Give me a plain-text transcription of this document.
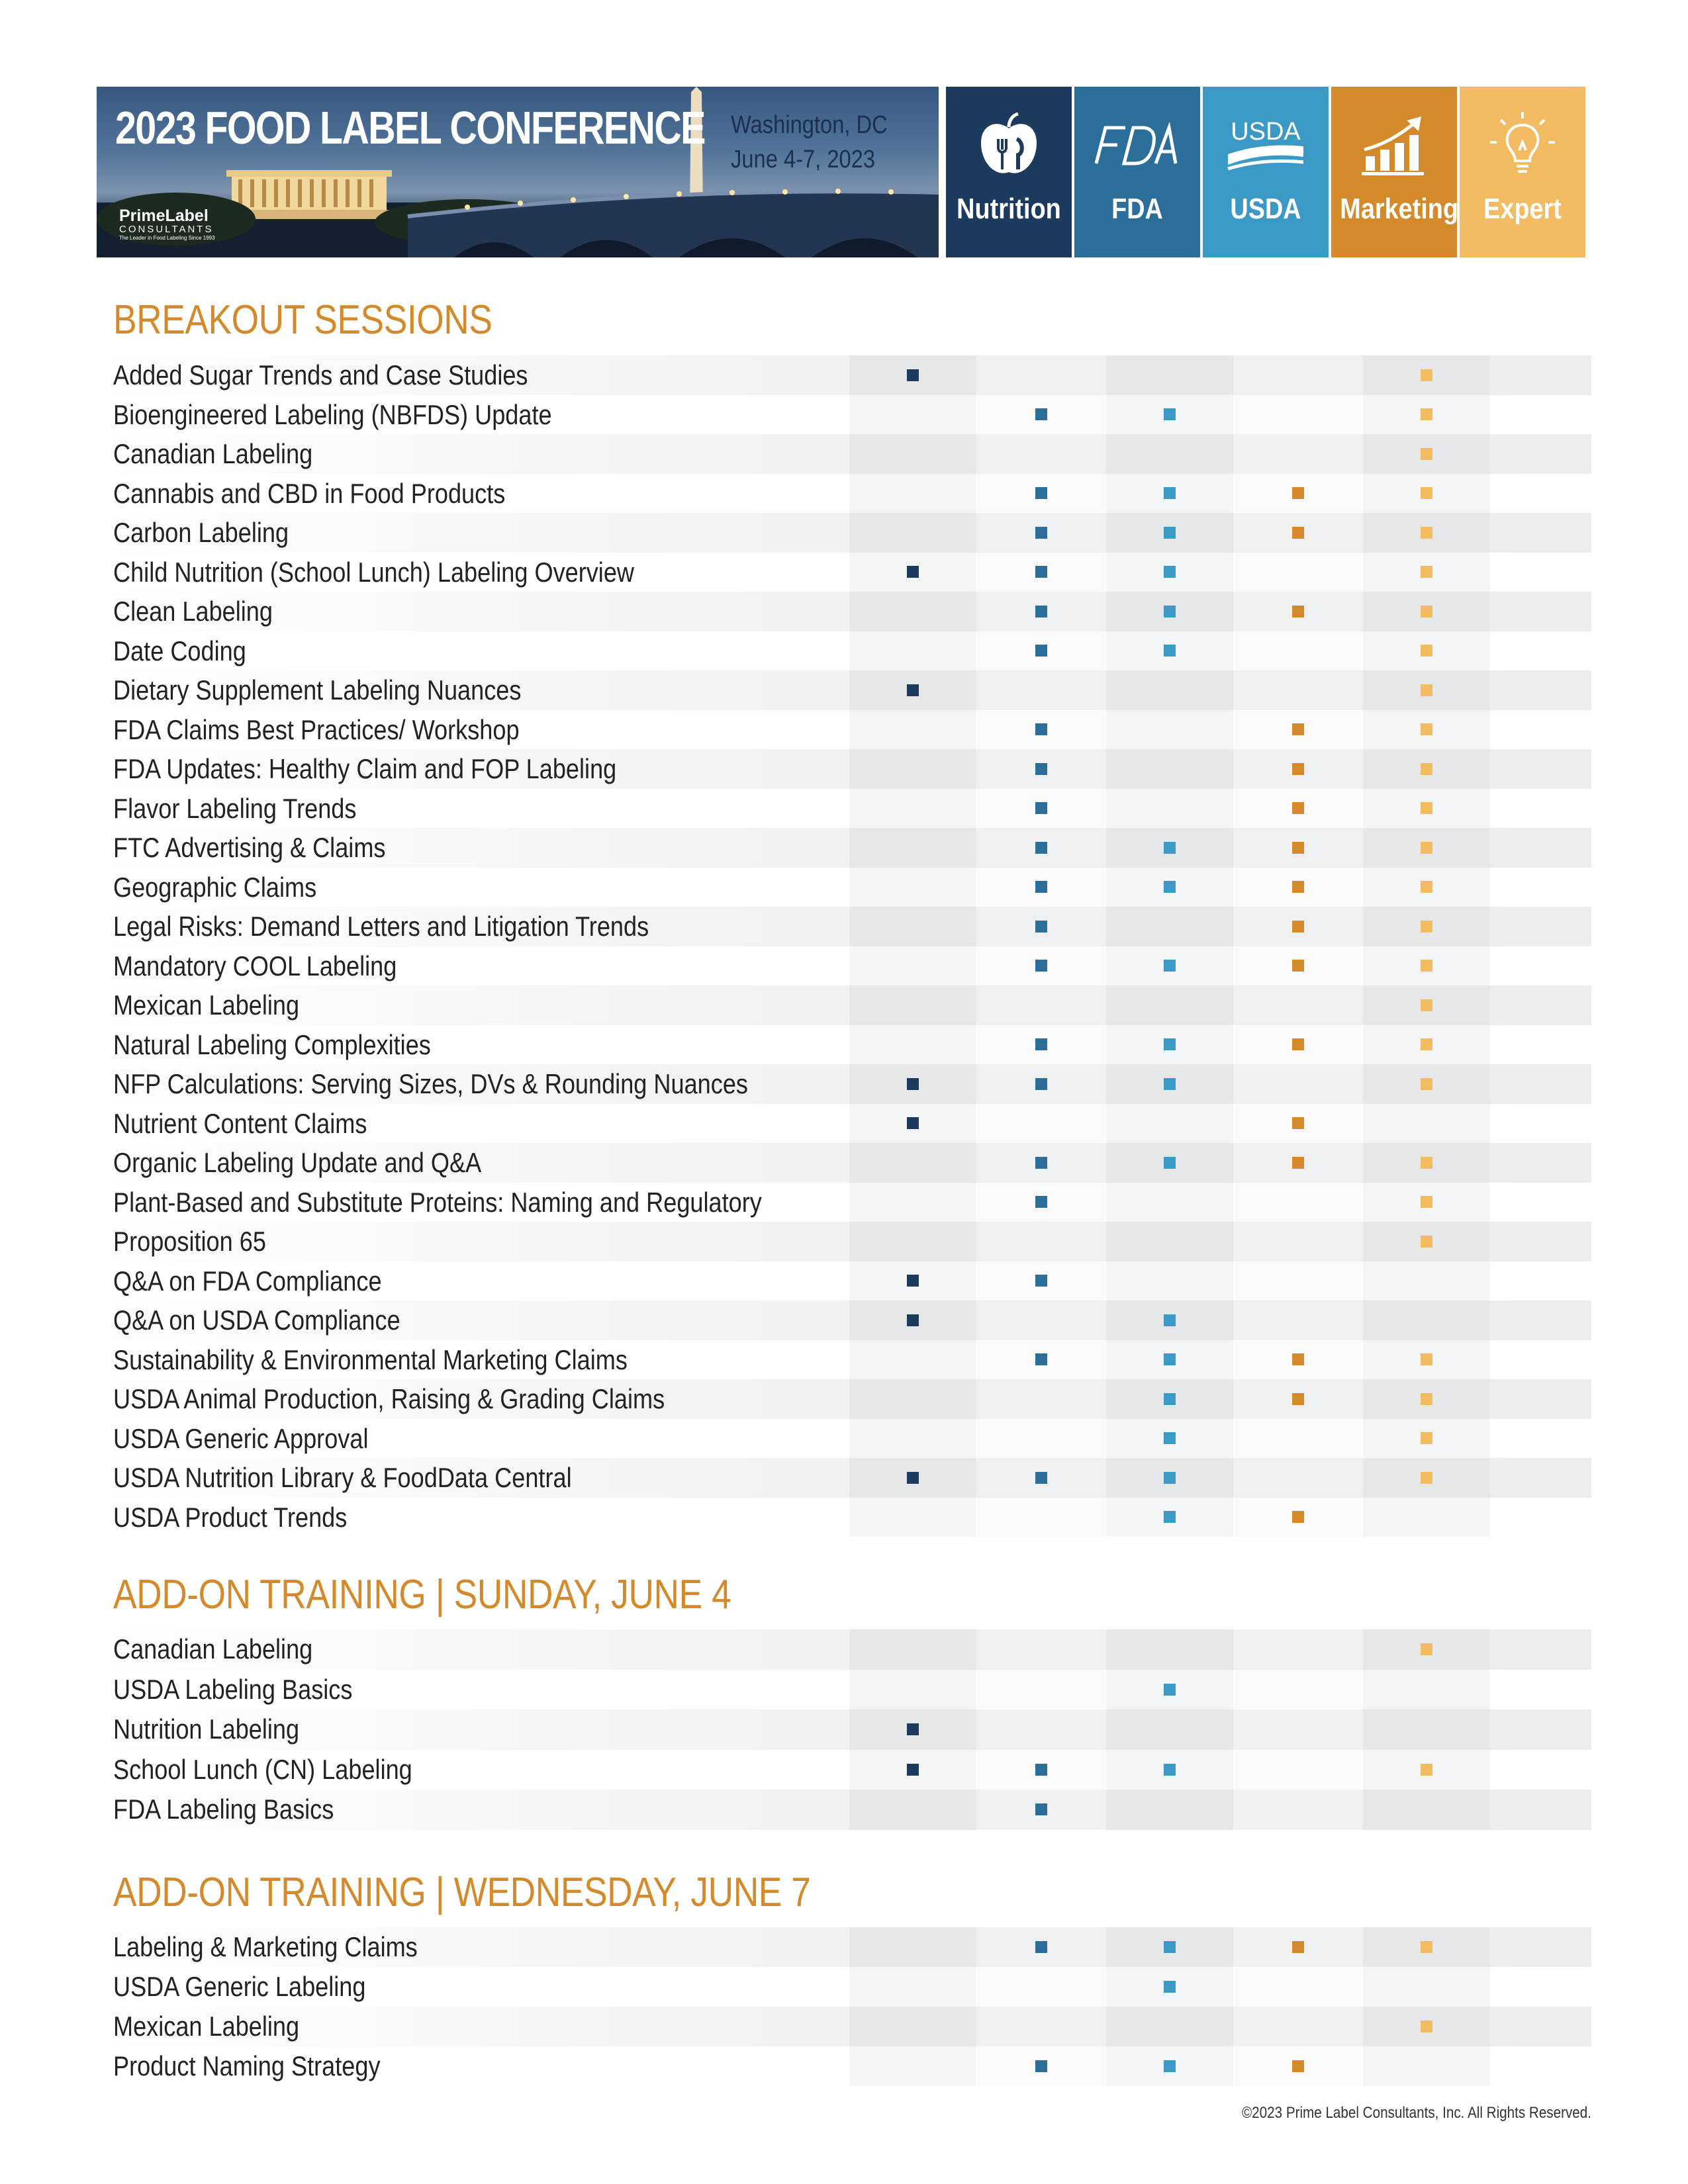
2023 FOOD LABEL CONFERENCE Washington, DC
June 4-7, 2023
PrimeLabel
CONSULTANTS
The Leader in Food Labeling Since 1993
Nutrition	FDA
USDA
USDA	Marketing Expert
BREAKOUT SESSIONS
ADD-ON TRAINING | SUNDAY, JUNE 4
ADD-ON TRAINING | WEDNESDAY, JUNE 7
Added Sugar Trends and Case Studies
Bioengineered Labeling (NBFDS) Update
Canadian Labeling
Cannabis and CBD in Food Products
Carbon Labeling
Child Nutrition (School Lunch) Labeling Overview
Clean Labeling
Date Coding
Dietary Supplement Labeling Nuances
FDA Claims Best Practices/ Workshop
FDA Updates: Healthy Claim and FOP Labeling
Flavor Labeling Trends
FTC Advertising & Claims
Geographic Claims
Legal Risks: Demand Letters and Litigation Trends
Mandatory COOL Labeling
Mexican Labeling
Natural Labeling Complexities
NFP Calculations: Serving Sizes, DVs & Rounding Nuances
Nutrient Content Claims
Organic Labeling Update and Q&A
Plant-Based and Substitute Proteins: Naming and Regulatory
Proposition 65
Q&A on FDA Compliance
Q&A on USDA Compliance
Sustainability & Environmental Marketing Claims
USDA Animal Production, Raising & Grading Claims
USDA Generic Approval
USDA Nutrition Library & FoodData Central
USDA Product Trends
Canadian Labeling
USDA Labeling Basics
Nutrition Labeling
School Lunch (CN) Labeling
FDA Labeling Basics
Labeling & Marketing Claims
USDA Generic Labeling
Mexican Labeling
Product Naming Strategy
©2023 Prime Label Consultants, Inc. All Rights Reserved.
